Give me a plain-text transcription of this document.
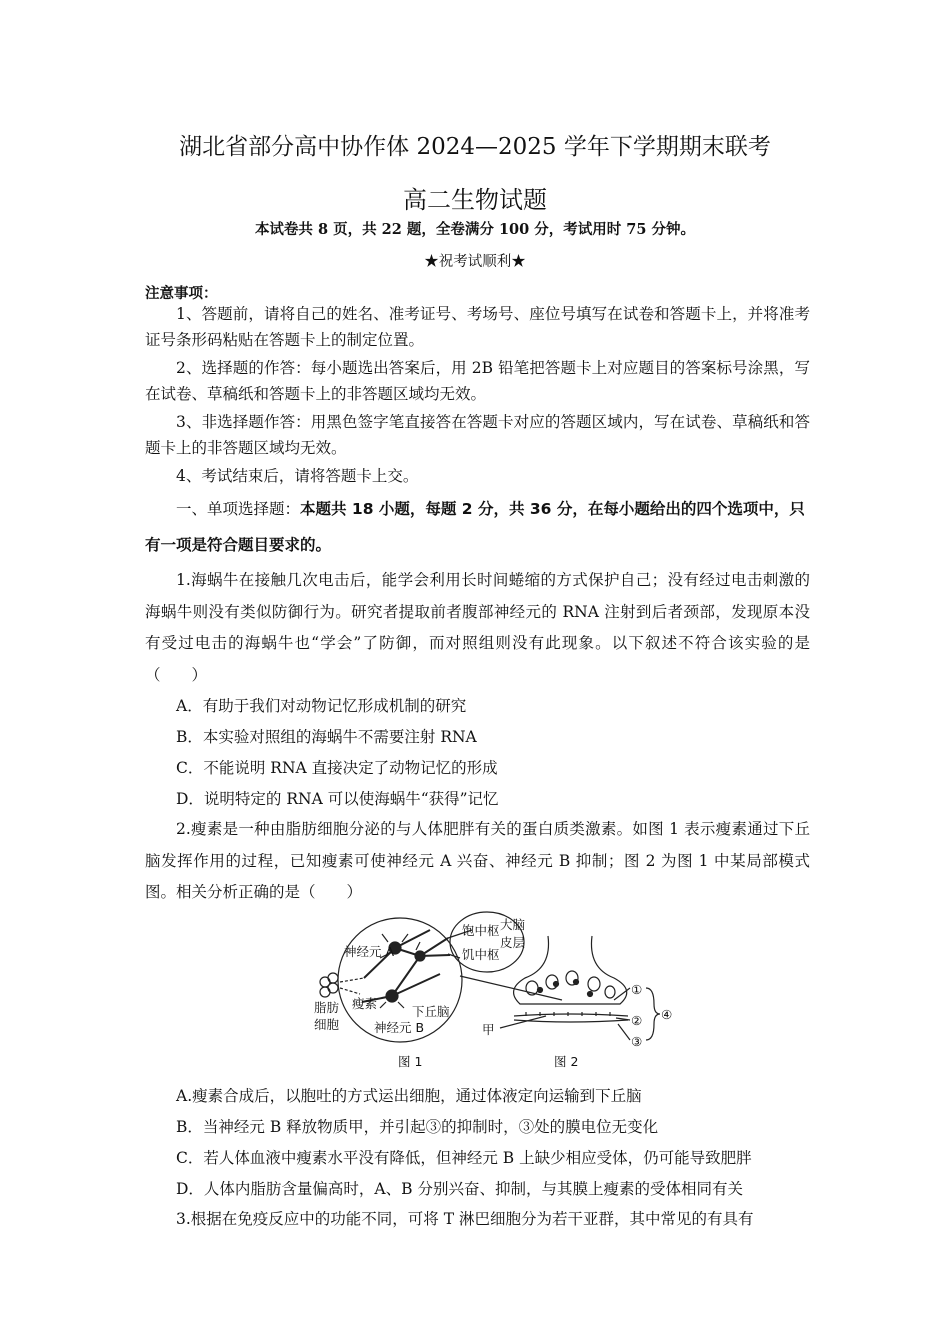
湖北省部分高中协作体 2024—2025 学年下学期期末联考
高二生物试题
本试卷共 8 页，共 22 题，全卷满分 100 分，考试用时 75 分钟。
★祝考试顺利★
注意事项：
1、答题前，请将自己的姓名、准考证号、考场号、座位号填写在试卷和答题卡上，并将准考证号条形码粘贴在答题卡上的制定位置。
2、选择题的作答：每小题选出答案后，用 2B 铅笔把答题卡上对应题目的答案标号涂黑，写在试卷、草稿纸和答题卡上的非答题区域均无效。
3、非选择题作答：用黑色签字笔直接答在答题卡对应的答题区域内，写在试卷、草稿纸和答题卡上的非答题区域均无效。
4、考试结束后，请将答题卡上交。
一、单项选择题：本题共 18 小题，每题 2 分，共 36 分，在每小题给出的四个选项中，只有一项是符合题目要求的。
1.海蜗牛在接触几次电击后，能学会利用长时间蜷缩的方式保护自己；没有经过电击刺激的海蜗牛则没有类似防御行为。研究者提取前者腹部神经元的 RNA 注射到后者颈部，发现原本没有受过电击的海蜗牛也“学会”了防御，而对照组则没有此现象。以下叙述不符合该实验的是（　　）
A．有助于我们对动物记忆形成机制的研究
B．本实验对照组的海蜗牛不需要注射 RNA
C．不能说明 RNA 直接决定了动物记忆的形成
D．说明特定的 RNA 可以使海蜗牛“获得”记忆
2.瘦素是一种由脂肪细胞分泌的与人体肥胖有关的蛋白质类激素。如图 1 表示瘦素通过下丘脑发挥作用的过程，已知瘦素可使神经元 A 兴奋、神经元 B 抑制；图 2 为图 1 中某局部模式图。相关分析正确的是（　　）
神经元 A
饱中枢
饥中枢
大脑
皮层
脂肪
细胞
瘦素
下丘脑
神经元 B	甲
①
②
③
④
图 1	图 2
A.瘦素合成后，以胞吐的方式运出细胞，通过体液定向运输到下丘脑
B．当神经元 B 释放物质甲，并引起③的抑制时，③处的膜电位无变化
C．若人体血液中瘦素水平没有降低，但神经元 B 上缺少相应受体，仍可能导致肥胖
D．人体内脂肪含量偏高时，A、B 分别兴奋、抑制，与其膜上瘦素的受体相同有关
3.根据在免疫反应中的功能不同，可将 T 淋巴细胞分为若干亚群，其中常见的有具有
